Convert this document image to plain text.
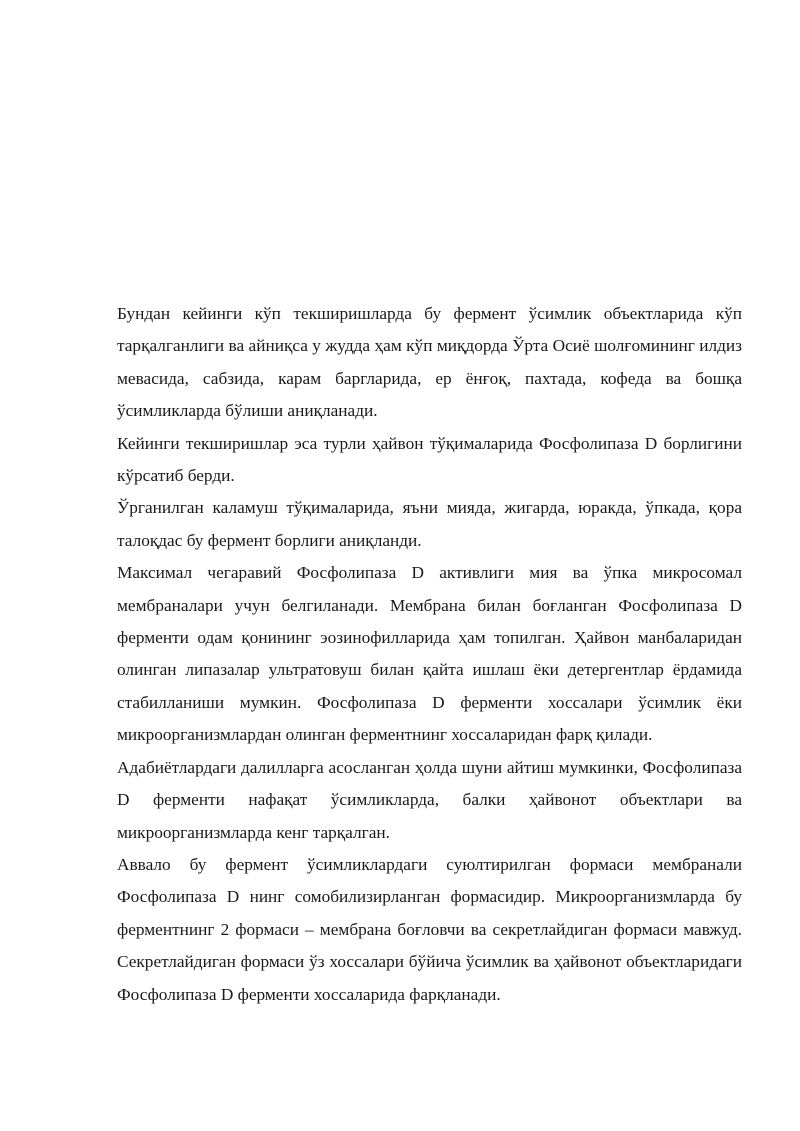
Бундан кейинги кўп текширишларда бу фермент ўсимлик объектларида кўп тарқалганлиги ва айниқса у жудда ҳам кўп миқдорда Ўрта Осиё шолғомининг илдиз мевасида, сабзида, карам баргларида, ер ёнғоқ, пахтада, кофеда ва бошқа ўсимликларда бўлиши аниқланади.

Кейинги текширишлар эса турли ҳайвон тўқималарида Фосфолипаза D борлигини кўрсатиб берди.

Ўрганилган каламуш тўқималарида, яъни мияда, жигарда, юракда, ўпкада, қора талоқдас бу фермент борлиги аниқланди.

Максимал чегаравий Фосфолипаза D активлиги мия ва ўпка микросомал мембраналари учун белгиланади. Мембрана билан боғланган Фосфолипаза D ферменти одам қонининг эозинофилларида ҳам топилган. Ҳайвон манбаларидан олинган липазалар ультратовуш билан қайта ишлаш ёки детергентлар ёрдамида стабилланиши мумкин. Фосфолипаза D ферменти хоссалари ўсимлик ёки микроорганизмлардан олинган ферментнинг хоссаларидан фарқ қилади.

Адабиётлардаги далилларга асосланган ҳолда шуни айтиш мумкинки, Фосфолипаза D ферменти нафақат ўсимликларда, балки ҳайвонот объектлари ва микроорганизмларда кенг тарқалган.

Аввало бу фермент ўсимликлардаги суюлтирилган формаси мембранали Фосфолипаза D нинг сомобилизирланган формасидир. Микроорганизмларда бу ферментнинг 2 формаси – мембрана боғловчи ва секретлайдиган формаси мавжуд. Секретлайдиган формаси ўз хоссалари бўйича ўсимлик ва ҳайвонот объектларидаги Фосфолипаза D ферменти хоссаларида фарқланади.
